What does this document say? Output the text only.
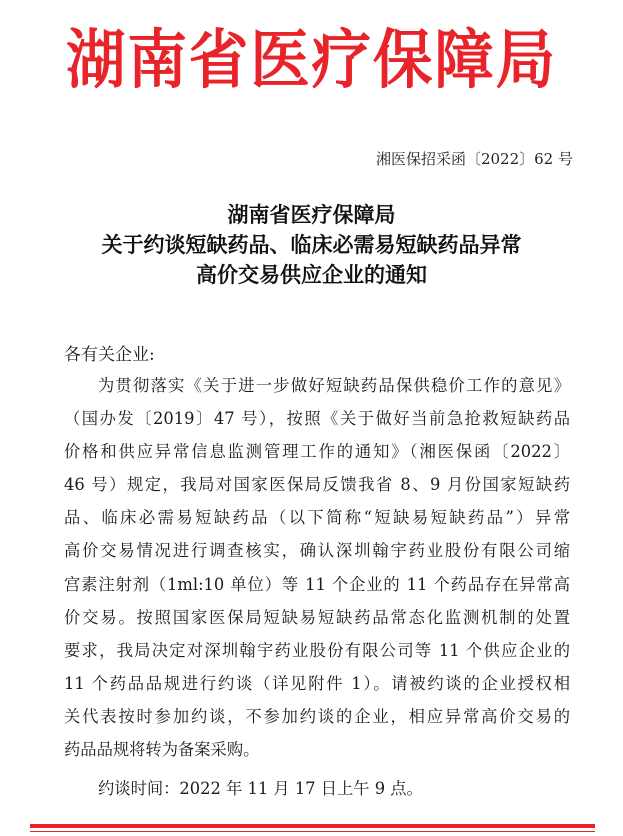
湖南省医疗保障局
湘医保招采函〔2022〕62 号
湖南省医疗保障局
关于约谈短缺药品、临床必需易短缺药品异常
高价交易供应企业的通知
各有关企业:
为贯彻落实《关于进一步做好短缺药品保供稳价工作的意见》
（国办发〔2019〕47 号），按照《关于做好当前急抢救短缺药品
价格和供应异常信息监测管理工作的通知》（湘医保函〔2022〕
46 号）规定，我局对国家医保局反馈我省 8、9 月份国家短缺药
品、临床必需易短缺药品（以下简称“短缺易短缺药品”）异常
高价交易情况进行调查核实，确认深圳翰宇药业股份有限公司缩
宫素注射剂（1ml:10 单位）等 11 个企业的 11 个药品存在异常高
价交易。按照国家医保局短缺易短缺药品常态化监测机制的处置
要求，我局决定对深圳翰宇药业股份有限公司等 11 个供应企业的
11 个药品品规进行约谈（详见附件 1）。请被约谈的企业授权相
关代表按时参加约谈，不参加约谈的企业，相应异常高价交易的
药品品规将转为备案采购。
约谈时间：2022 年 11 月 17 日上午 9 点。
